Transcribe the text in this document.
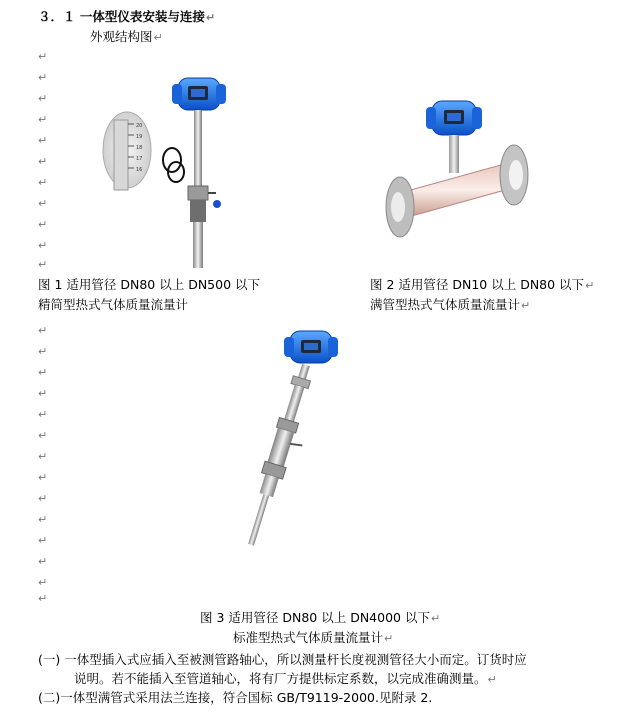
３．１ 一体型仪表安装与连接↵
外观结构图↵
↵
↵
↵
↵
↵
↵
↵
↵
↵
↵
↵
20
19
18
17
16
图 1 适用管径 DN80 以上 DN500 以下
精简型热式气体质量流量计
图 2 适用管径 DN10 以上 DN80 以下↵
满管型热式气体质量流量计↵
↵
↵
↵
↵
↵
↵
↵
↵
↵
↵
↵
↵
↵
↵
图 3 适用管径 DN80 以上 DN4000 以下↵
标准型热式气体质量流量计↵
(一) 一体型插入式应插入至被测管路轴心，所以测量杆长度视测管径大小而定。订货时应
说明。若不能插入至管道轴心，将有厂方提供标定系数，以完成准确测量。↵
(二)一体型满管式采用法兰连接，符合国标 GB/T9119-2000.见附录 2.
